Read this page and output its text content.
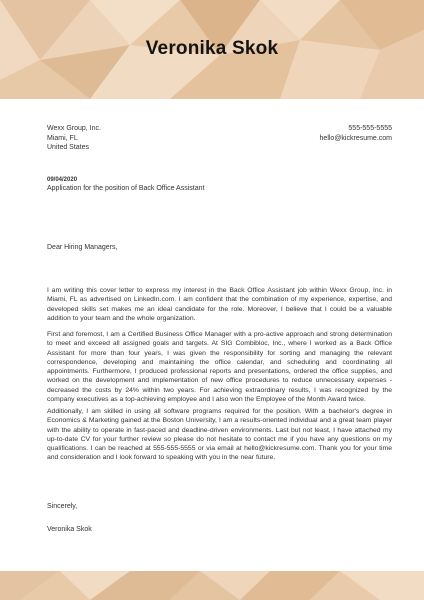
Veronika Skok
Wexx Group, Inc.
Miami, FL
United States
555-555-5555
hello@kickresume.com
09/04/2020
Application for the position of Back Office Assistant
Dear Hiring Managers,
I am writing this cover letter to express my interest in the Back Office Assistant job within Wexx Group, Inc. in Miami, FL as advertised on LinkedIn.com. I am confident that the combination of my experience, expertise, and developed skills set makes me an ideal candidate for the role. Moreover, I believe that I could be a valuable addition to your team and the whole organization.
First and foremost, I am a Certified Business Office Manager with a pro-active approach and strong determination to meet and exceed all assigned goals and targets. At SIG Combibloc, Inc., where I worked as a Back Office Assistant for more than four years, I was given the responsibility for sorting and managing the relevant correspondence, developing and maintaining the office calendar, and scheduling and coordinating all appointments. Furthermore, I produced professional reports and presentations, ordered the office supplies, and worked on the development and implementation of new office procedures to reduce unnecessary expenses - decreased the costs by 24% within two years. For achieving extraordinary results, I was recognized by the company executives as a top-achieving employee and I also won the Employee of the Month Award twice.
Additionally, I am skilled in using all software programs required for the position. With a bachelor's degree in Economics & Marketing gained at the Boston University, I am a results-oriented individual and a great team player with the ability to operate in fast-paced and deadline-driven environments. Last but not least, I have attached my up-to-date CV for your further review so please do not hesitate to contact me if you have any questions on my qualifications. I can be reached at 555-555-5555 or via email at hello@kickresume.com. Thank you for your time and consideration and I look forward to speaking with you in the near future.
Sincerely,
Veronika Skok
